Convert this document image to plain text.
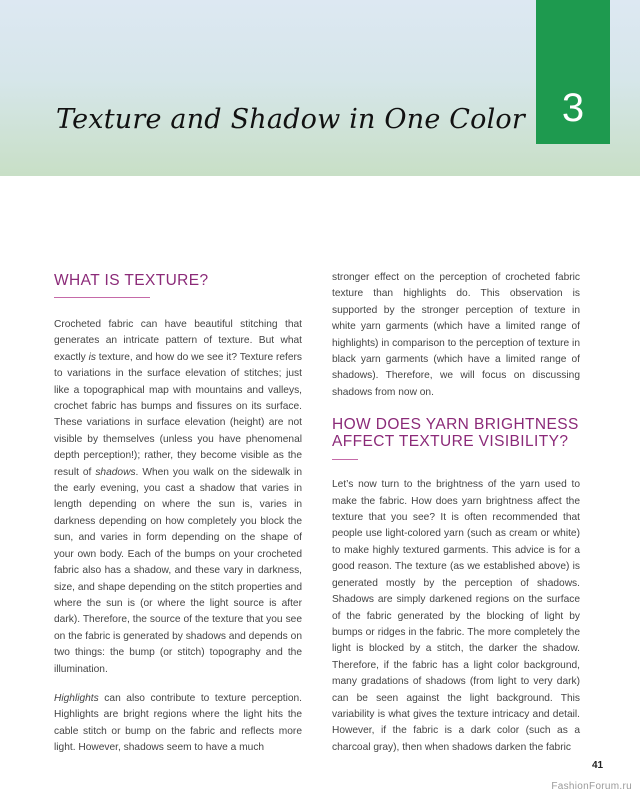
Texture and Shadow in One Color 3
WHAT IS TEXTURE?

Crocheted fabric can have beautiful stitching that generates an intricate pattern of texture. But what exactly is texture, and how do we see it? Texture refers to variations in the surface elevation of stitches; just like a topographical map with mountains and valleys, crochet fabric has bumps and fissures on its surface. These variations in surface elevation (height) are not visible by themselves (unless you have phenomenal depth perception!); rather, they become visible as the result of shadows. When you walk on the sidewalk in the early evening, you cast a shadow that varies in length depending on where the sun is, varies in darkness depending on how completely you block the sun, and varies in form depending on the shape of your own body. Each of the bumps on your crocheted fabric also has a shadow, and these vary in darkness, size, and shape depending on the stitch properties and where the sun is (or where the light source is after dark). Therefore, the source of the texture that you see on the fabric is generated by shadows and depends on two things: the bump (or stitch) topography and the illumination.

Highlights can also contribute to texture perception. Highlights are bright regions where the light hits the cable stitch or bump on the fabric and reflects more light. However, shadows seem to have a much

stronger effect on the perception of crocheted fabric texture than highlights do. This observation is supported by the stronger perception of texture in white yarn garments (which have a limited range of highlights) in comparison to the perception of texture in black yarn garments (which have a limited range of shadows). Therefore, we will focus on discussing shadows from now on.

HOW DOES YARN BRIGHTNESS
AFFECT TEXTURE VISIBILITY?

Let’s now turn to the brightness of the yarn used to make the fabric. How does yarn brightness affect the texture that you see? It is often recommended that people use light-colored yarn (such as cream or white) to make highly textured garments. This advice is for a good reason. The texture (as we established above) is generated mostly by the perception of shadows. Shadows are simply darkened regions on the surface of the fabric generated by the blocking of light by bumps or ridges in the fabric. The more completely the light is blocked by a stitch, the darker the shadow. Therefore, if the fabric has a light color background, many gradations of shadows (from light to very dark) can be seen against the light background. This variability is what gives the texture intricacy and detail. However, if the fabric is a dark color (such as a charcoal gray), then when shadows darken the fabric

41
FashionForum.ru
